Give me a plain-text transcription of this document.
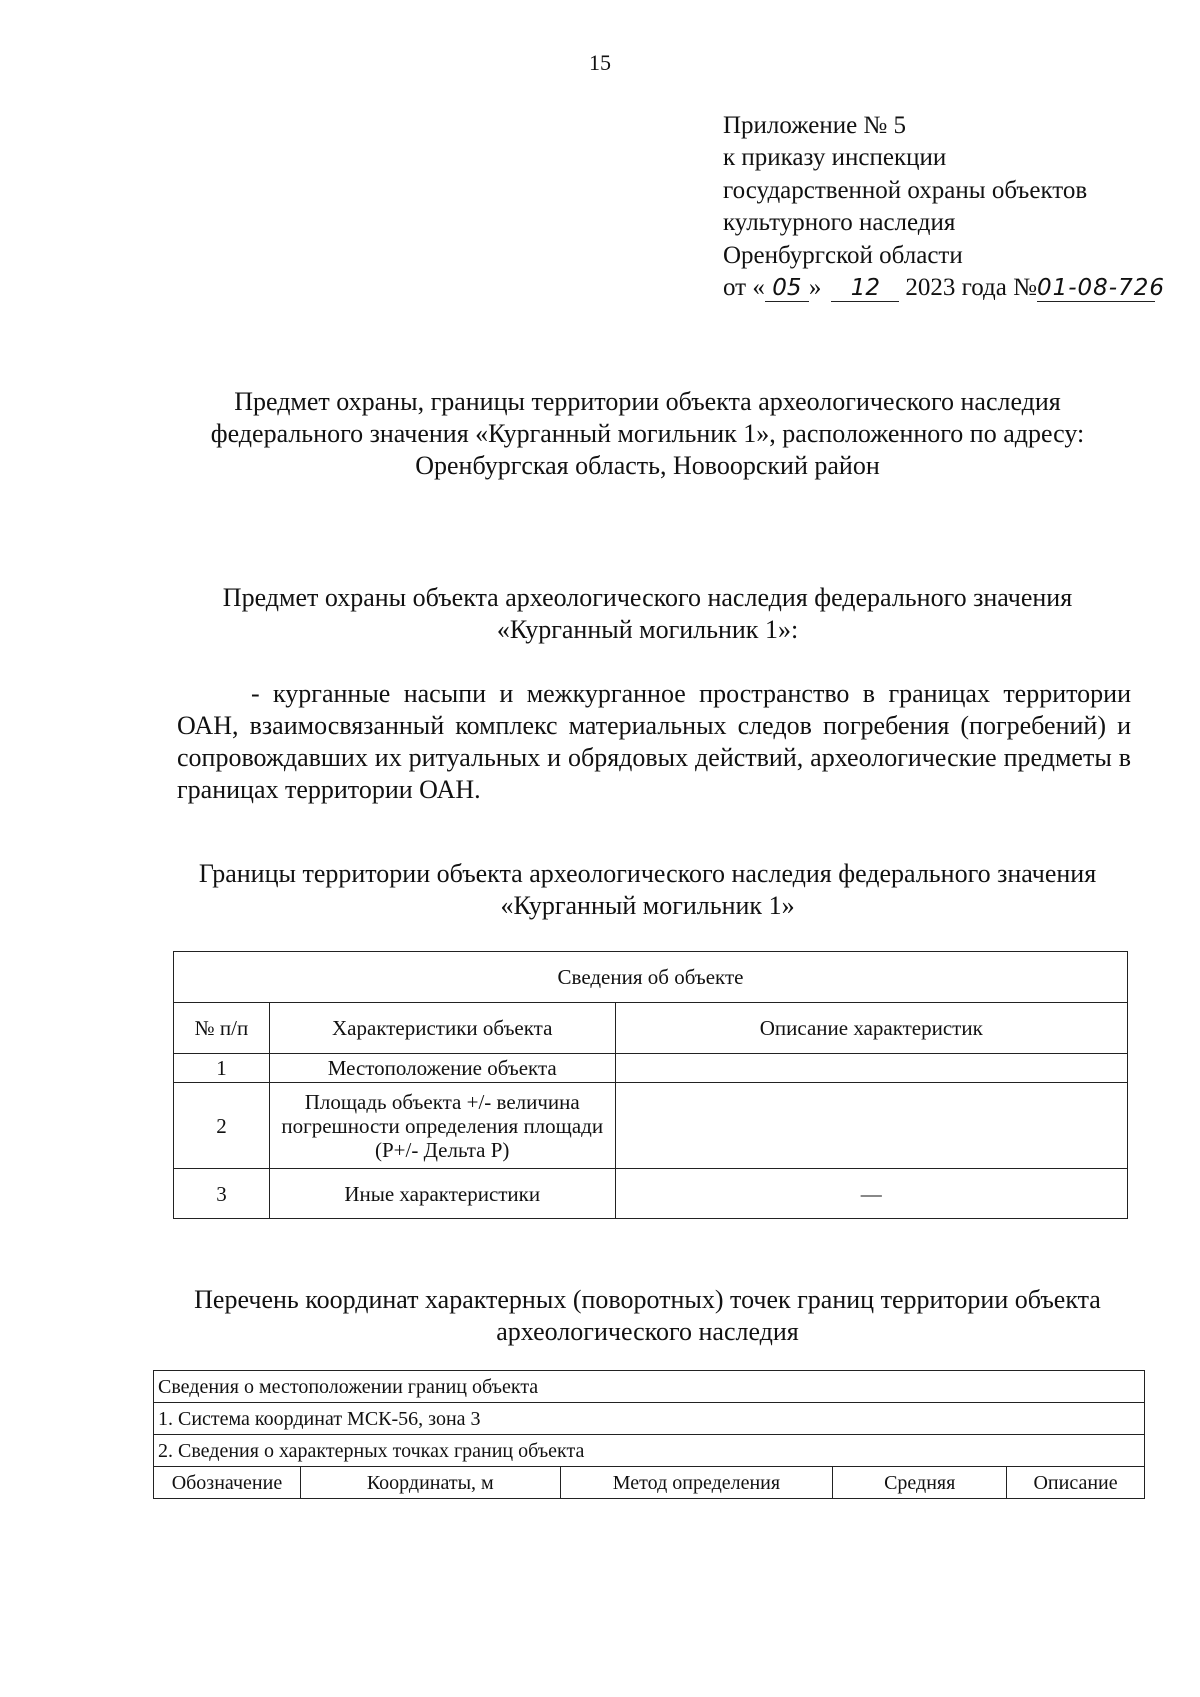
15
Приложение № 5
к приказу инспекции
государственной охраны объектов
культурного наследия
Оренбургской области
от « 05 » 12 2023 года №01-08-726
Предмет охраны, границы территории объекта археологического наследия федерального значения «Курганный могильник 1», расположенного по адресу: Оренбургская область, Новоорский район
Предмет охраны объекта археологического наследия федерального значения «Курганный могильник 1»:
- курганные насыпи и межкурганное пространство в границах территории ОАН, взаимосвязанный комплекс материальных следов погребения (погребений) и сопровождавших их ритуальных и обрядовых действий, археологические предметы в границах территории ОАН.
Границы территории объекта археологического наследия федерального значения «Курганный могильник 1»
Сведения об объекте		
№ п/п	Характеристики объекта	Описание характеристик
1	Местоположение объекта	
2	Площадь объекта +/- величина погрешности определения площади (P+/- Дельта P)	
3	Иные характеристики	—
Перечень координат характерных (поворотных) точек границ территории объекта археологического наследия
Сведения о местоположении границ объекта
1. Система координат МСК-56, зона 3
2. Сведения о характерных точках границ объекта
Обозначение	Координаты, м	Метод определения	Средняя	Описание
